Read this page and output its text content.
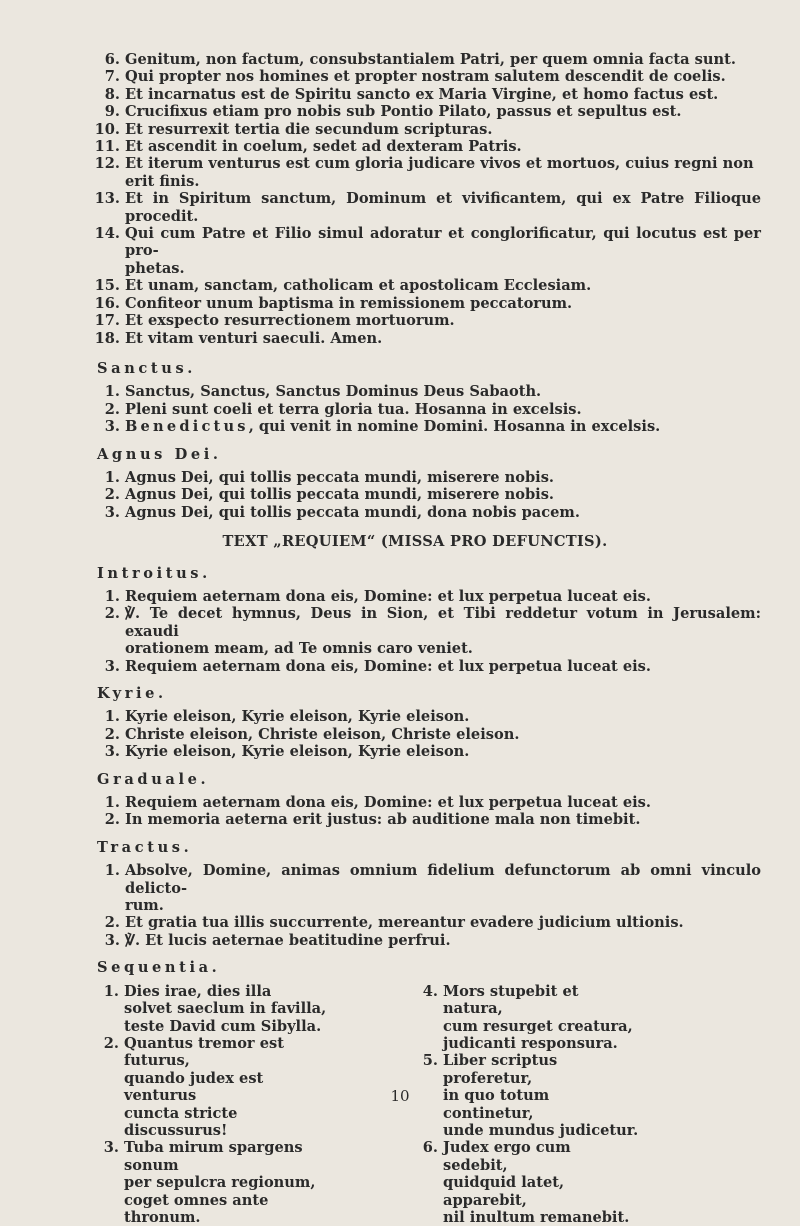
6. Genitum, non factum, consubstantialem Patri, per quem omnia facta sunt.
7. Qui propter nos homines et propter nostram salutem descendit de coelis.
8. Et incarnatus est de Spiritu sancto ex Maria Virgine, et homo factus est.
9. Crucifixus etiam pro nobis sub Pontio Pilato, passus et sepultus est.
10. Et resurrexit tertia die secundum scripturas.
11. Et ascendit in coelum, sedet ad dexteram Patris.
12. Et iterum venturus est cum gloria judicare vivos et mortuos, cuius regni non
erit finis.
13. Et in Spiritum sanctum, Dominum et vivificantem, qui ex Patre Filioque procedit.
14. Qui cum Patre et Filio simul adoratur et conglorificatur, qui locutus est per pro-
phetas.
15. Et unam, sanctam, catholicam et apostolicam Ecclesiam.
16. Confiteor unum baptisma in remissionem peccatorum.
17. Et exspecto resurrectionem mortuorum.
18. Et vitam venturi saeculi. Amen.
Sanctus.
1. Sanctus, Sanctus, Sanctus Dominus Deus Sabaoth.
2. Pleni sunt coeli et terra gloria tua. Hosanna in excelsis.
3. Benedictus, qui venit in nomine Domini. Hosanna in excelsis.
Agnus Dei.
1. Agnus Dei, qui tollis peccata mundi, miserere nobis.
2. Agnus Dei, qui tollis peccata mundi, miserere nobis.
3. Agnus Dei, qui tollis peccata mundi, dona nobis pacem.
TEXT „REQUIEM“ (MISSA PRO DEFUNCTIS).
Introitus.
1. Requiem aeternam dona eis, Domine: et lux perpetua luceat eis.
2. ℣. Te decet hymnus, Deus in Sion, et Tibi reddetur votum in Jerusalem: exaudi
orationem meam, ad Te omnis caro veniet.
3. Requiem aeternam dona eis, Domine: et lux perpetua luceat eis.
Kyrie.
1. Kyrie eleison, Kyrie eleison, Kyrie eleison.
2. Christe eleison, Christe eleison, Christe eleison.
3. Kyrie eleison, Kyrie eleison, Kyrie eleison.
Graduale.
1. Requiem aeternam dona eis, Domine: et lux perpetua luceat eis.
2. In memoria aeterna erit justus: ab auditione mala non timebit.
Tractus.
1. Absolve, Domine, animas omnium fidelium defunctorum ab omni vinculo delicto-
rum.
2. Et gratia tua illis succurrente, mereantur evadere judicium ultionis.
3. ℣. Et lucis aeternae beatitudine perfrui.
Sequentia.
1. Dies irae, dies illa
solvet saeclum in favilla,
teste David cum Sibylla.
2. Quantus tremor est futurus,
quando judex est venturus
cuncta stricte discussurus!
3. Tuba mirum spargens sonum
per sepulcra regionum,
coget omnes ante thronum.
4. Mors stupebit et natura,
cum resurget creatura,
judicanti responsura.
5. Liber scriptus proferetur,
in quo totum continetur,
unde mundus judicetur.
6. Judex ergo cum sedebit,
quidquid latet, apparebit,
nil inultum remanebit.
10
